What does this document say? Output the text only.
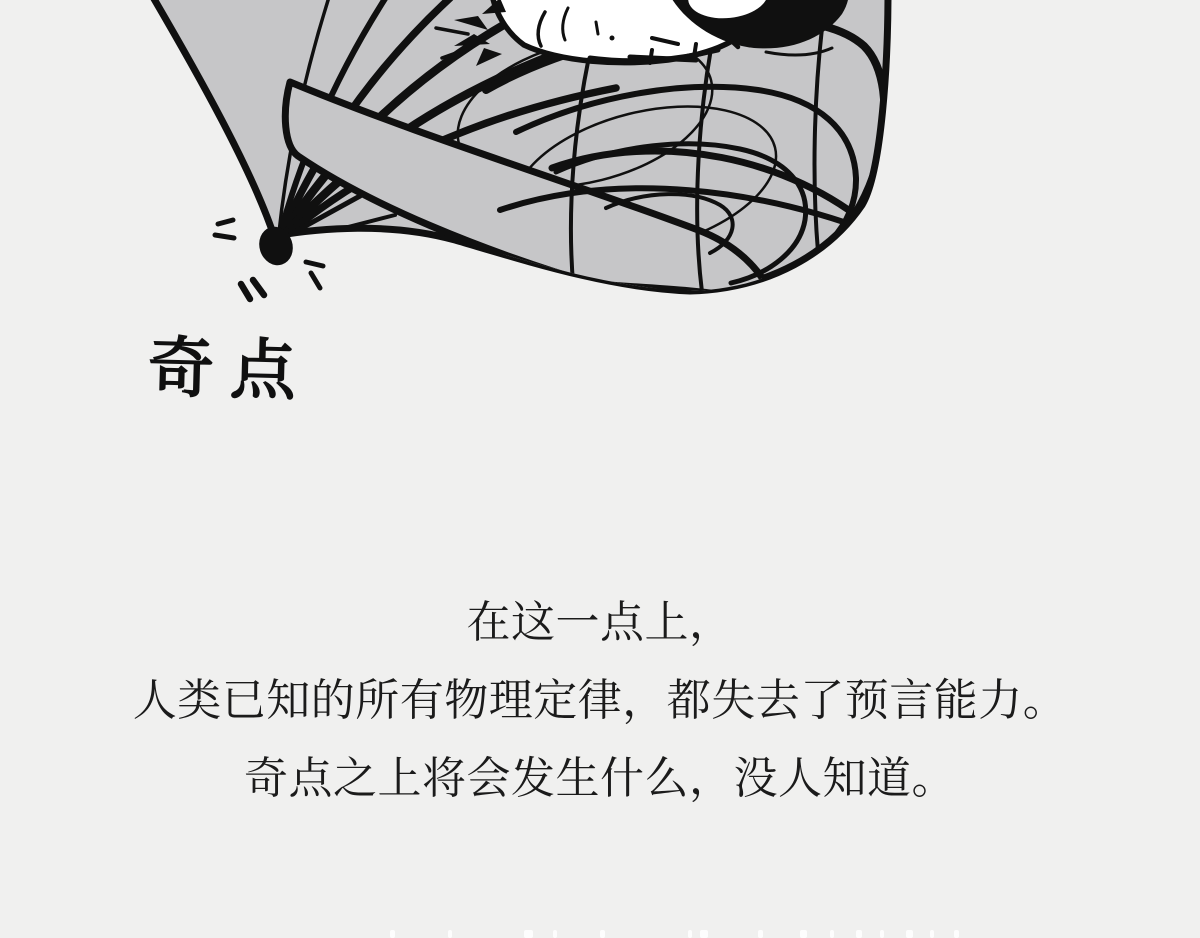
奇点
在这一点上，
人类已知的所有物理定律，都失去了预言能力。
奇点之上将会发生什么，没人知道。
